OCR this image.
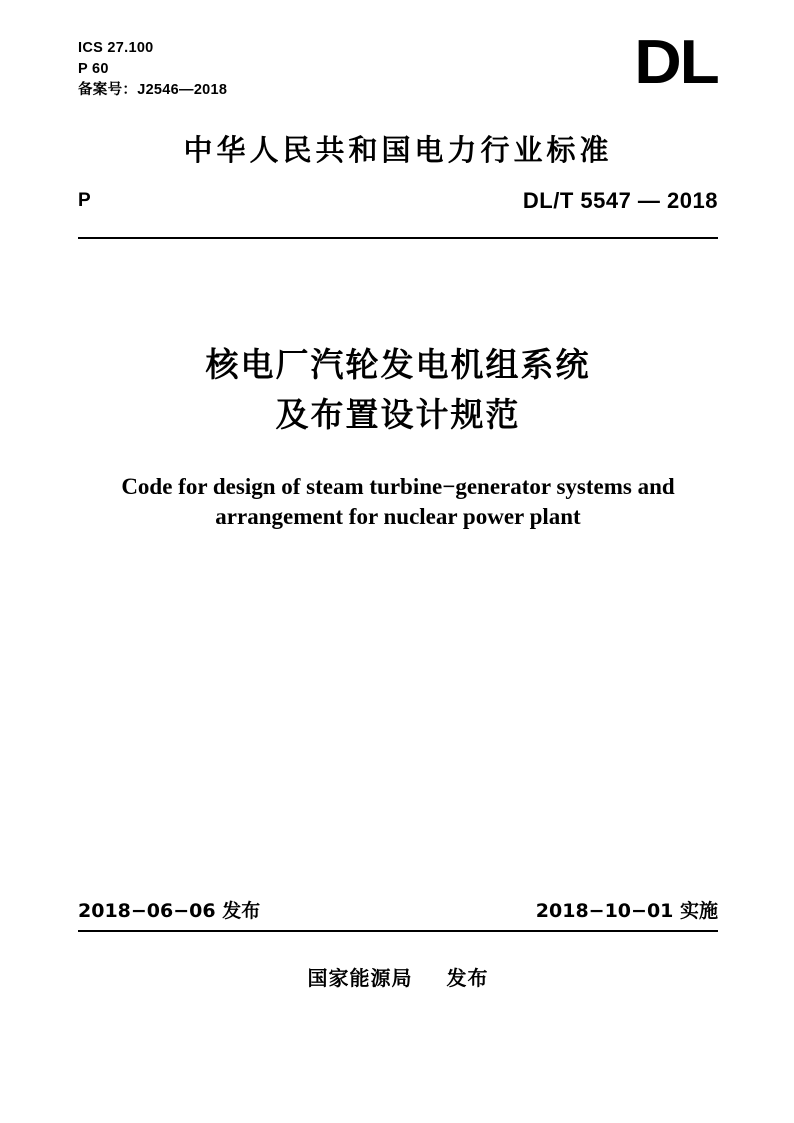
ICS 27.100
P 60
备案号：J2546—2018	DL
中华人民共和国电力行业标准
P	DL/T 5547 — 2018
核电厂汽轮发电机组系统
及布置设计规范
Code for design of steam turbine−generator systems and
arrangement for nuclear power plant
2018−06−06 发布	2018−10−01 实施
国家能源局 发布
